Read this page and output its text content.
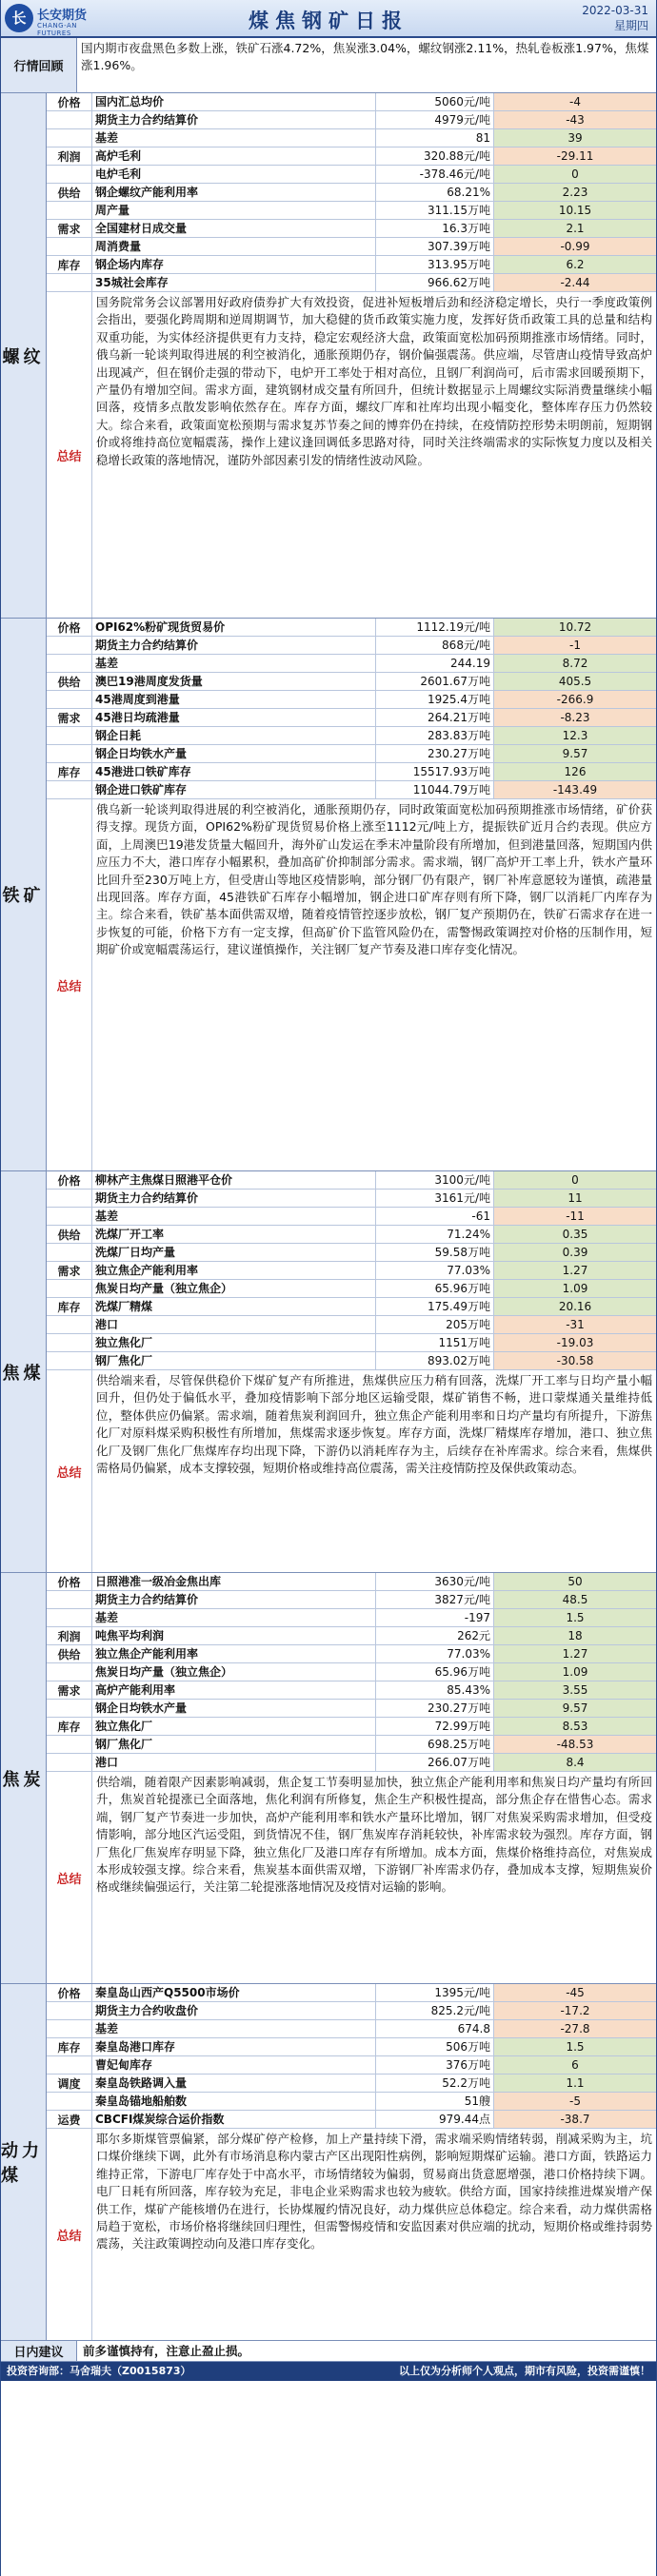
长 长安期货
CHANG-AN FUTURES
煤焦钢矿日报	2022-03-31
星期四
行情回顾
国内期市夜盘黑色多数上涨，铁矿石涨4.72%，焦炭涨3.04%，螺纹钢涨2.11%，热轧卷板涨1.97%，焦煤涨1.96%。
螺纹
价格	国内汇总均价	5060元/吨	-4
期货主力合约结算价	4979元/吨	-43
基差	81	39
利润	高炉毛利	320.88元/吨	-29.11
电炉毛利	-378.46元/吨	0
供给	钢企螺纹产能利用率	68.21%	2.23
周产量	311.15万吨	10.15
需求	全国建材日成交量	16.3万吨	2.1
周消费量	307.39万吨	-0.99
库存	钢企场内库存	313.95万吨	6.2
35城社会库存	966.62万吨	-2.44
总结
国务院常务会议部署用好政府债券扩大有效投资，促进补短板增后劲和经济稳定增长，央行一季度政策例会指出，要强化跨周期和逆周期调节，加大稳健的货币政策实施力度，发挥好货币政策工具的总量和结构双重功能，为实体经济提供更有力支持，稳定宏观经济大盘，政策面宽松加码预期推涨市场情绪。同时，俄乌新一轮谈判取得进展的利空被消化，通胀预期仍存，钢价偏强震荡。供应端，尽管唐山疫情导致高炉出现减产，但在钢价走强的带动下，电炉开工率处于相对高位，且钢厂利润尚可，后市需求回暖预期下，产量仍有增加空间。需求方面，建筑钢材成交量有所回升，但统计数据显示上周螺纹实际消费量继续小幅回落，疫情多点散发影响依然存在。库存方面，螺纹厂库和社库均出现小幅变化，整体库存压力仍然较大。综合来看，政策面宽松预期与需求复苏节奏之间的博弈仍在持续，在疫情防控形势未明朗前，短期钢价或将维持高位宽幅震荡，操作上建议逢回调低多思路对待，同时关注终端需求的实际恢复力度以及相关稳增长政策的落地情况，谨防外部因素引发的情绪性波动风险。
铁矿
价格	OPI62%粉矿现货贸易价	1112.19元/吨	10.72
期货主力合约结算价	868元/吨	-1
基差	244.19	8.72
供给	澳巴19港周度发货量	2601.67万吨	405.5
45港周度到港量	1925.4万吨	-266.9
需求	45港日均疏港量	264.21万吨	-8.23
钢企日耗	283.83万吨	12.3
钢企日均铁水产量	230.27万吨	9.57
库存	45港进口铁矿库存	15517.93万吨	126
钢企进口铁矿库存	11044.79万吨	-143.49
总结
俄乌新一轮谈判取得进展的利空被消化，通胀预期仍存，同时政策面宽松加码预期推涨市场情绪，矿价获得支撑。现货方面，OPI62%粉矿现货贸易价格上涨至1112元/吨上方，提振铁矿近月合约表现。供应方面，上周澳巴19港发货量大幅回升，海外矿山发运在季末冲量阶段有所增加，但到港量回落，短期国内供应压力不大，港口库存小幅累积，叠加高矿价抑制部分需求。需求端，钢厂高炉开工率上升，铁水产量环比回升至230万吨上方，但受唐山等地区疫情影响，部分钢厂仍有限产，钢厂补库意愿较为谨慎，疏港量出现回落。库存方面，45港铁矿石库存小幅增加，钢企进口矿库存则有所下降，钢厂以消耗厂内库存为主。综合来看，铁矿基本面供需双增，随着疫情管控逐步放松，钢厂复产预期仍在，铁矿石需求存在进一步恢复的可能，价格下方有一定支撑，但高矿价下监管风险仍在，需警惕政策调控对价格的压制作用，短期矿价或宽幅震荡运行，建议谨慎操作，关注钢厂复产节奏及港口库存变化情况。
焦煤
价格	柳林产主焦煤日照港平仓价	3100元/吨	0
期货主力合约结算价	3161元/吨	11
基差	-61	-11
供给	洗煤厂开工率	71.24%	0.35
洗煤厂日均产量	59.58万吨	0.39
需求	独立焦企产能利用率	77.03%	1.27
焦炭日均产量（独立焦企）	65.96万吨	1.09
库存	洗煤厂精煤	175.49万吨	20.16
港口	205万吨	-31
独立焦化厂	1151万吨	-19.03
钢厂焦化厂	893.02万吨	-30.58
总结
供给端来看，尽管保供稳价下煤矿复产有所推进，焦煤供应压力稍有回落，洗煤厂开工率与日均产量小幅回升，但仍处于偏低水平，叠加疫情影响下部分地区运输受限，煤矿销售不畅，进口蒙煤通关量维持低位，整体供应仍偏紧。需求端，随着焦炭利润回升，独立焦企产能利用率和日均产量均有所提升，下游焦化厂对原料煤采购积极性有所增加，焦煤需求逐步恢复。库存方面，洗煤厂精煤库存增加，港口、独立焦化厂及钢厂焦化厂焦煤库存均出现下降，下游仍以消耗库存为主，后续存在补库需求。综合来看，焦煤供需格局仍偏紧，成本支撑较强，短期价格或维持高位震荡，需关注疫情防控及保供政策动态。
焦炭
价格	日照港准一级冶金焦出库	3630元/吨	50
期货主力合约结算价	3827元/吨	48.5
基差	-197	1.5
利润	吨焦平均利润	262元	18
供给	独立焦企产能利用率	77.03%	1.27
焦炭日均产量（独立焦企）	65.96万吨	1.09
需求	高炉产能利用率	85.43%	3.55
钢企日均铁水产量	230.27万吨	9.57
库存	独立焦化厂	72.99万吨	8.53
钢厂焦化厂	698.25万吨	-48.53
港口	266.07万吨	8.4
总结
供给端，随着限产因素影响减弱，焦企复工节奏明显加快，独立焦企产能利用率和焦炭日均产量均有所回升，焦炭首轮提涨已全面落地，焦化利润有所修复，焦企生产积极性提高，部分焦企存在惜售心态。需求端，钢厂复产节奏进一步加快，高炉产能利用率和铁水产量环比增加，钢厂对焦炭采购需求增加，但受疫情影响，部分地区汽运受阻，到货情况不佳，钢厂焦炭库存消耗较快，补库需求较为强烈。库存方面，钢厂焦化厂焦炭库存明显下降，独立焦化厂及港口库存有所增加。成本方面，焦煤价格维持高位，对焦炭成本形成较强支撑。综合来看，焦炭基本面供需双增，下游钢厂补库需求仍存，叠加成本支撑，短期焦炭价格或继续偏强运行，关注第二轮提涨落地情况及疫情对运输的影响。
动力煤
价格	秦皇岛山西产Q5500市场价	1395元/吨	-45
期货主力合约收盘价	825.2元/吨	-17.2
基差	674.8	-27.8
库存	秦皇岛港口库存	506万吨	1.5
曹妃甸库存	376万吨	6
调度	秦皇岛铁路调入量	52.2万吨	1.1
秦皇岛锚地船舶数	51艘	-5
运费	CBCFI煤炭综合运价指数	979.44点	-38.7
总结
耶尔多斯煤管票偏紧，部分煤矿停产检修，加上产量持续下滑，需求端采购情绪转弱，削减采购为主，坑口煤价继续下调，此外有市场消息称内蒙古产区出现阳性病例，影响短期煤矿运输。港口方面，铁路运力维持正常，下游电厂库存处于中高水平，市场情绪较为偏弱，贸易商出货意愿增强，港口价格持续下调。电厂日耗有所回落，库存较为充足，非电企业采购需求也较为疲软。供给方面，国家持续推进煤炭增产保供工作，煤矿产能核增仍在进行，长协煤履约情况良好，动力煤供应总体稳定。综合来看，动力煤供需格局趋于宽松，市场价格将继续回归理性，但需警惕疫情和安监因素对供应端的扰动，短期价格或维持弱势震荡，关注政策调控动向及港口库存变化。
日内建议	前多谨慎持有，注意止盈止损。
投资咨询部：马舍瑞夫（Z0015873）	以上仅为分析师个人观点，期市有风险，投资需谨慎！
